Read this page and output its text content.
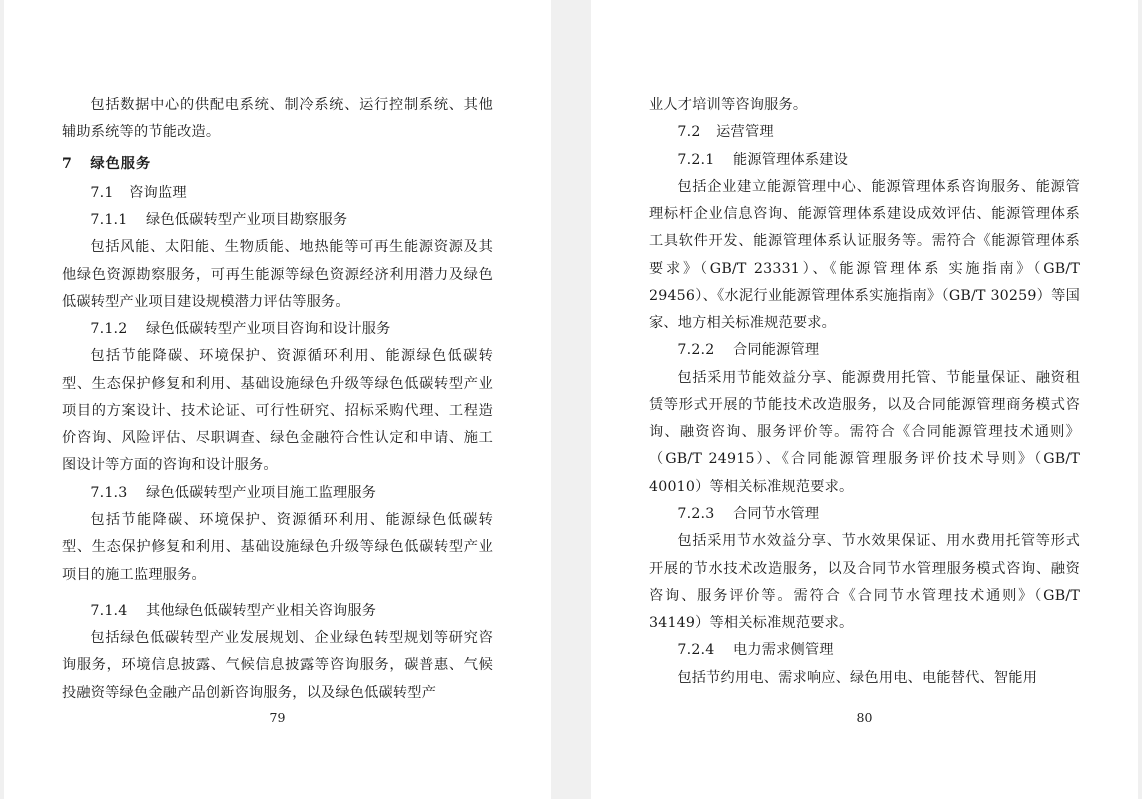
包括数据中心的供配电系统、制冷系统、运行控制系统、其他辅助系统等的节能改造。

7 绿色服务

7.1 咨询监理

7.1.1 绿色低碳转型产业项目勘察服务

包括风能、太阳能、生物质能、地热能等可再生能源资源及其他绿色资源勘察服务，可再生能源等绿色资源经济利用潜力及绿色低碳转型产业项目建设规模潜力评估等服务。

7.1.2 绿色低碳转型产业项目咨询和设计服务

包括节能降碳、环境保护、资源循环利用、能源绿色低碳转型、生态保护修复和利用、基础设施绿色升级等绿色低碳转型产业项目的方案设计、技术论证、可行性研究、招标采购代理、工程造价咨询、风险评估、尽职调查、绿色金融符合性认定和申请、施工图设计等方面的咨询和设计服务。

7.1.3 绿色低碳转型产业项目施工监理服务

包括节能降碳、环境保护、资源循环利用、能源绿色低碳转型、生态保护修复和利用、基础设施绿色升级等绿色低碳转型产业项目的施工监理服务。

7.1.4 其他绿色低碳转型产业相关咨询服务

包括绿色低碳转型产业发展规划、企业绿色转型规划等研究咨询服务，环境信息披露、气候信息披露等咨询服务，碳普惠、气候投融资等绿色金融产品创新咨询服务，以及绿色低碳转型产

79

业人才培训等咨询服务。

7.2 运营管理

7.2.1 能源管理体系建设

包括企业建立能源管理中心、能源管理体系咨询服务、能源管理标杆企业信息咨询、能源管理体系建设成效评估、能源管理体系工具软件开发、能源管理体系认证服务等。需符合《能源管理体系 要求》（GB/T 23331）、《能源管理体系 实施指南》（GB/T 29456）、《水泥行业能源管理体系实施指南》（GB/T 30259）等国家、地方相关标准规范要求。

7.2.2 合同能源管理

包括采用节能效益分享、能源费用托管、节能量保证、融资租赁等形式开展的节能技术改造服务，以及合同能源管理商务模式咨询、融资咨询、服务评价等。需符合《合同能源管理技术通则》（GB/T 24915）、《合同能源管理服务评价技术导则》（GB/T 40010）等相关标准规范要求。

7.2.3 合同节水管理

包括采用节水效益分享、节水效果保证、用水费用托管等形式开展的节水技术改造服务，以及合同节水管理服务模式咨询、融资咨询、服务评价等。需符合《合同节水管理技术通则》（GB/T 34149）等相关标准规范要求。

7.2.4 电力需求侧管理

包括节约用电、需求响应、绿色用电、电能替代、智能用

80
